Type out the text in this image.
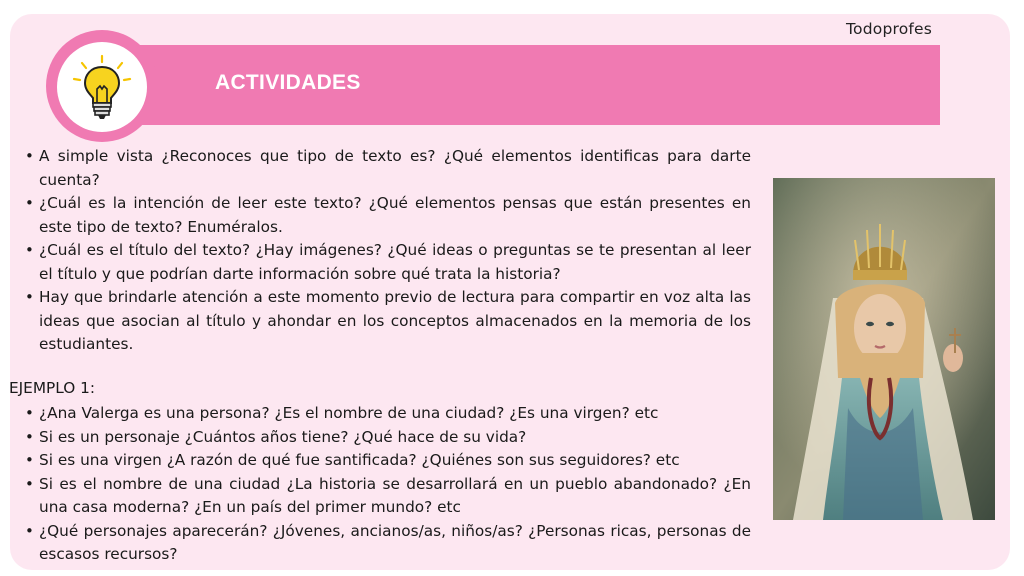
Todoprofes
ACTIVIDADES
• A simple vista ¿Reconoces que tipo de texto es? ¿Qué elementos identificas para darte cuenta?
• ¿Cuál es la intención de leer este texto? ¿Qué elementos pensas que están presentes en este tipo de texto? Enuméralos.
• ¿Cuál es el título del texto? ¿Hay imágenes? ¿Qué ideas o preguntas se te presentan al leer el título y que podrían darte información sobre qué trata la historia?
• Hay que brindarle atención a este momento previo de lectura para compartir en voz alta las ideas que asocian al título y ahondar en los conceptos almacenados en la memoria de los estudiantes.
EJEMPLO 1:
• ¿Ana Valerga es una persona? ¿Es el nombre de una ciudad? ¿Es una virgen? etc
• Si es un personaje ¿Cuántos años tiene? ¿Qué hace de su vida?
• Si es una virgen ¿A razón de qué fue santificada? ¿Quiénes son sus seguidores? etc
• Si es el nombre de una ciudad ¿La historia se desarrollará en un pueblo abandonado? ¿En una casa moderna? ¿En un país del primer mundo? etc
• ¿Qué personajes aparecerán? ¿Jóvenes, ancianos/as, niños/as? ¿Personas ricas, personas de escasos recursos?
